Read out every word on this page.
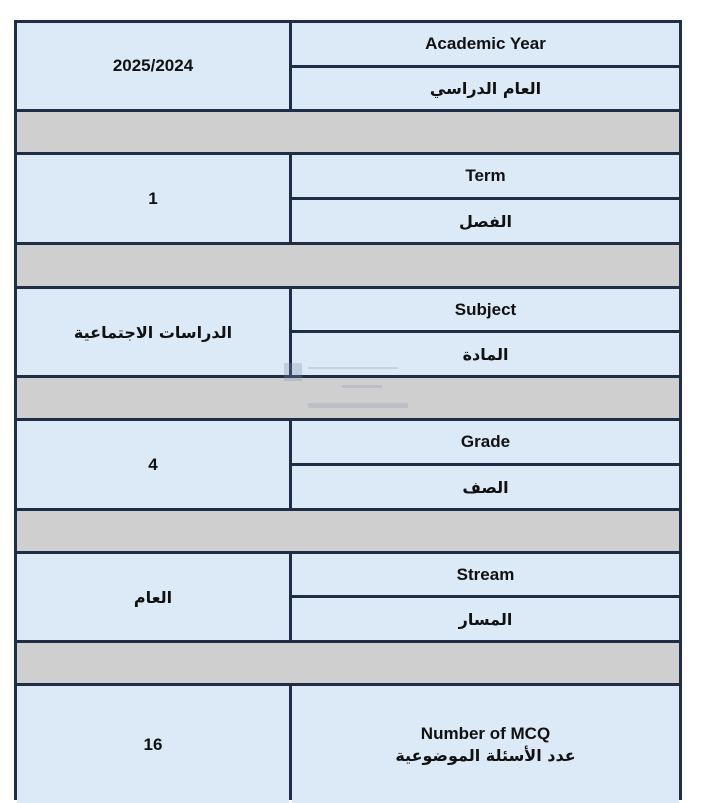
2025/2024
Academic Year
العام الدراسي
1
Term
الفصل
الدراسات الاجتماعية
Subject
المادة
4
Grade
الصف
العام
Stream
المسار
16
Number of MCQ
عدد الأسئلة الموضوعية
